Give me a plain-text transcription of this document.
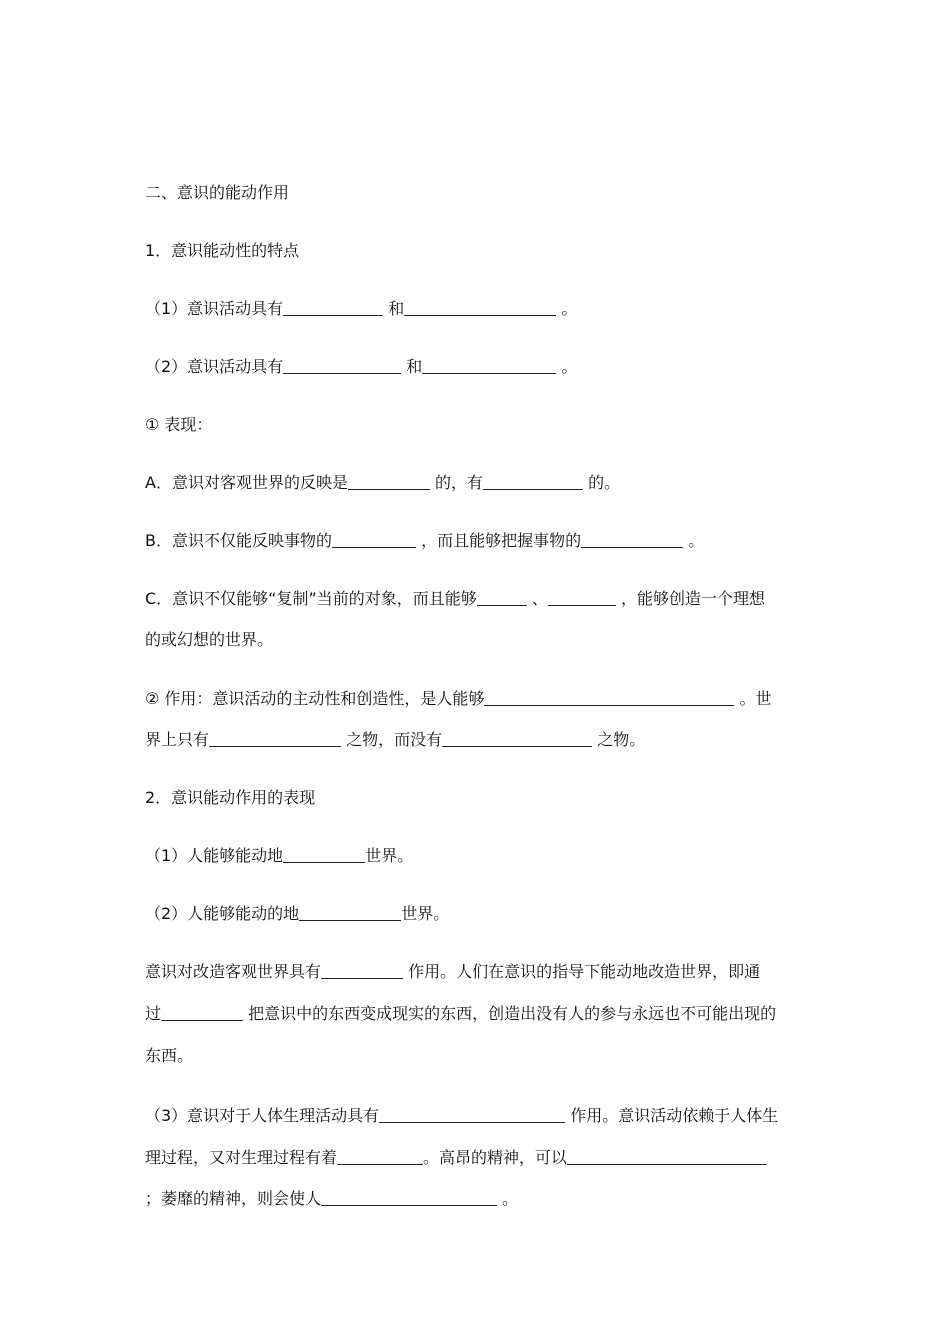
二、意识的能动作用
1．意识能动性的特点
（1）意识活动具有	和	。
（2）意识活动具有	和	。
① 表现：
A．意识对客观世界的反映是	的，有	的。
B．意识不仅能反映事物的	，而且能够把握事物的	。
C．意识不仅能够“复制”当前的对象，而且能够	、	，能够创造一个理想
的或幻想的世界。
② 作用：意识活动的主动性和创造性，是人能够	。世
界上只有	之物，而没有	之物。
2．意识能动作用的表现
（1）人能够能动地	世界。
（2）人能够能动的地	世界。
意识对改造客观世界具有	作用。人们在意识的指导下能动地改造世界，即通
过	把意识中的东西变成现实的东西，创造出没有人的参与永远也不可能出现的
东西。
（3）意识对于人体生理活动具有	作用。意识活动依赖于人体生
理过程，又对生理过程有着	。高昂的精神，可以
；萎靡的精神，则会使人	。
